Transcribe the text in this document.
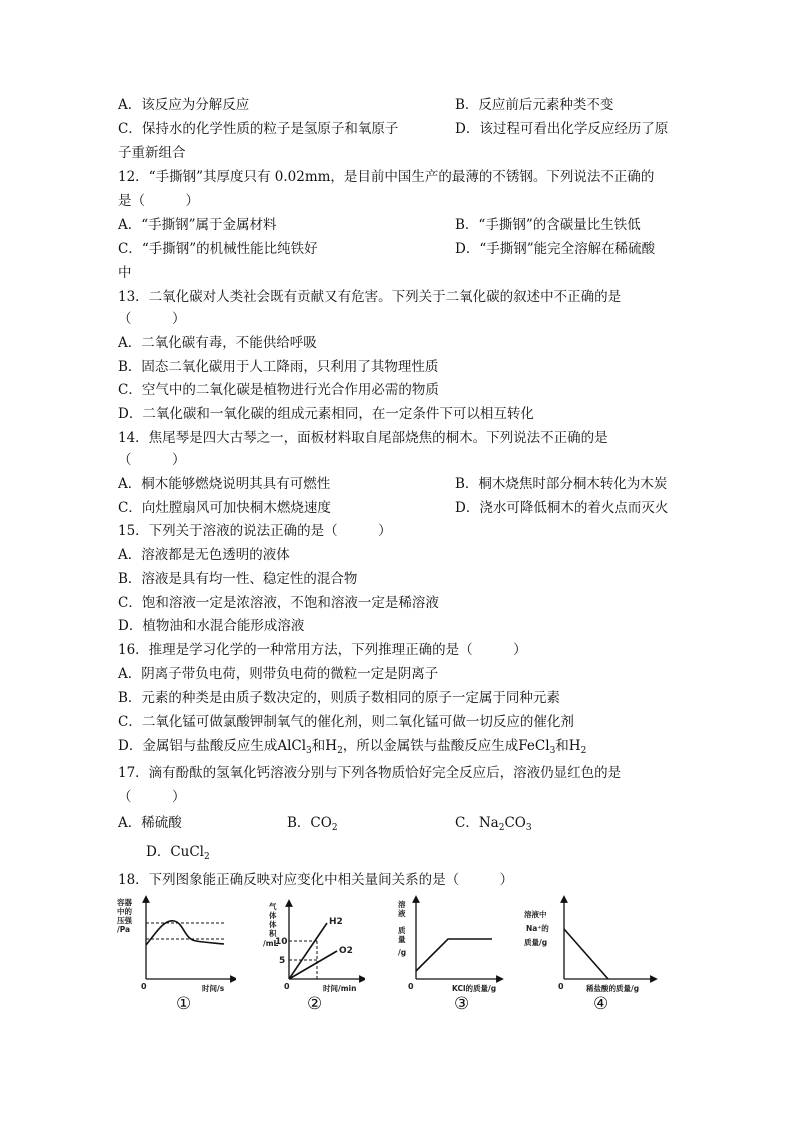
A．该反应为分解反应	B．反应前后元素种类不变
C．保持水的化学性质的粒子是氢原子和氧原子	D．该过程可看出化学反应经历了原
子重新组合
12．“手撕钢”其厚度只有 0.02mm，是目前中国生产的最薄的不锈钢。下列说法不正确的
是（　　　）
A．“手撕钢”属于金属材料	B．“手撕钢”的含碳量比生铁低
C．“手撕钢”的机械性能比纯铁好	D．“手撕钢”能完全溶解在稀硫酸
中
13．二氧化碳对人类社会既有贡献又有危害。下列关于二氧化碳的叙述中不正确的是
（　　　）
A．二氧化碳有毒，不能供给呼吸
B．固态二氧化碳用于人工降雨，只利用了其物理性质
C．空气中的二氧化碳是植物进行光合作用必需的物质
D．二氧化碳和一氧化碳的组成元素相同，在一定条件下可以相互转化
14．焦尾琴是四大古琴之一，面板材料取自尾部烧焦的桐木。下列说法不正确的是
（　　　）
A．桐木能够燃烧说明其具有可燃性	B．桐木烧焦时部分桐木转化为木炭
C．向灶膛扇风可加快桐木燃烧速度	D．浇水可降低桐木的着火点而灭火
15．下列关于溶液的说法正确的是（　　　）
A．溶液都是无色透明的液体
B．溶液是具有均一性、稳定性的混合物
C．饱和溶液一定是浓溶液，不饱和溶液一定是稀溶液
D．植物油和水混合能形成溶液
16．推理是学习化学的一种常用方法，下列推理正确的是（　　　）
A．阴离子带负电荷，则带负电荷的微粒一定是阴离子
B．元素的种类是由质子数决定的，则质子数相同的原子一定属于同种元素
C．二氧化锰可做氯酸钾制氧气的催化剂，则二氧化锰可做一切反应的催化剂
D．金属铝与盐酸反应生成AlCl$_3$和$H_2$，所以金属铁与盐酸反应生成FeCl$_3$和$H_2$
17．滴有酚酞的氢氧化钙溶液分别与下列各物质恰好完全反应后，溶液仍显红色的是
（　　　）
A．稀硫酸	B．$CO_2$	C．$Na_2CO_3$
D．CuCl$_2$
18．下列图象能正确反映对应变化中相关量间关系的是（　　　）
容器
中的
压强
/Pa
0	时间/s
①
气
体
体
积
/mL
10
5
H2
O2
0	时间/min
②
溶
液
质
量
/g
0	KCl的质量/g
③
溶液中
Na⁺的
质量/g
0	稀盐酸的质量/g
④
